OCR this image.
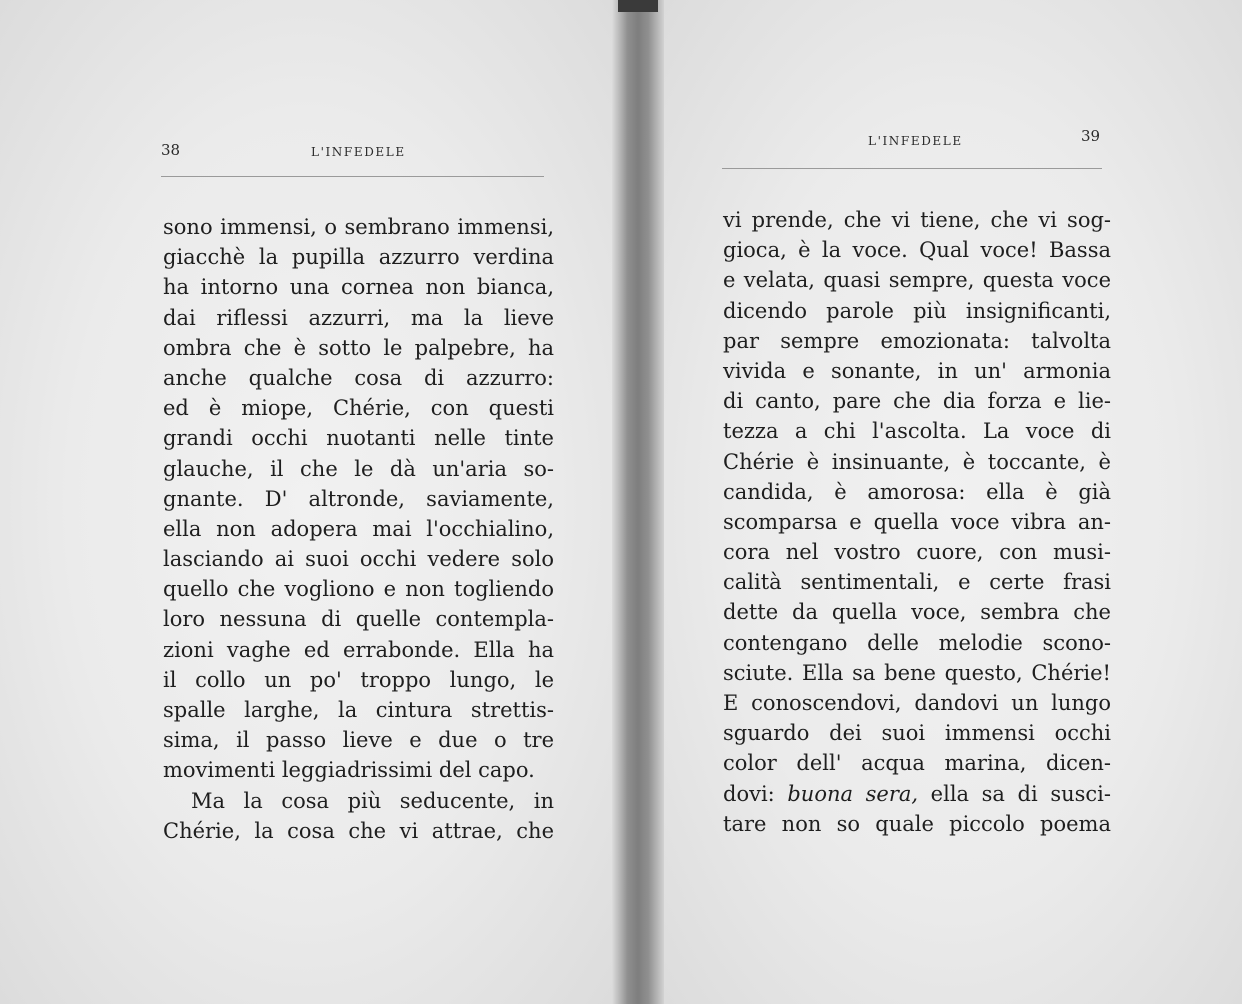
38	L'INFEDELE
sono immensi, o sembrano immensi,
giacchè la pupilla azzurro verdina
ha intorno una cornea non bianca,
dai riflessi azzurri, ma la lieve
ombra che è sotto le palpebre, ha
anche qualche cosa di azzurro:
ed è miope, Chérie, con questi
grandi occhi nuotanti nelle tinte
glauche, il che le dà un'aria so-
gnante. D' altronde, saviamente,
ella non adopera mai l'occhialino,
lasciando ai suoi occhi vedere solo
quello che vogliono e non togliendo
loro nessuna di quelle contempla-
zioni vaghe ed errabonde. Ella ha
il collo un po' troppo lungo, le
spalle larghe, la cintura strettis-
sima, il passo lieve e due o tre
movimenti leggiadrissimi del capo.
Ma la cosa più seducente, in
Chérie, la cosa che vi attrae, che
L'INFEDELE	39
vi prende, che vi tiene, che vi sog-
gioca, è la voce. Qual voce! Bassa
e velata, quasi sempre, questa voce
dicendo parole più insignificanti,
par sempre emozionata: talvolta
vivida e sonante, in un' armonia
di canto, pare che dia forza e lie-
tezza a chi l'ascolta. La voce di
Chérie è insinuante, è toccante, è
candida, è amorosa: ella è già
scomparsa e quella voce vibra an-
cora nel vostro cuore, con musi-
calità sentimentali, e certe frasi
dette da quella voce, sembra che
contengano delle melodie scono-
sciute. Ella sa bene questo, Chérie!
E conoscendovi, dandovi un lungo
sguardo dei suoi immensi occhi
color dell' acqua marina, dicen-
dovi: buona sera, ella sa di susci-
tare non so quale piccolo poema
